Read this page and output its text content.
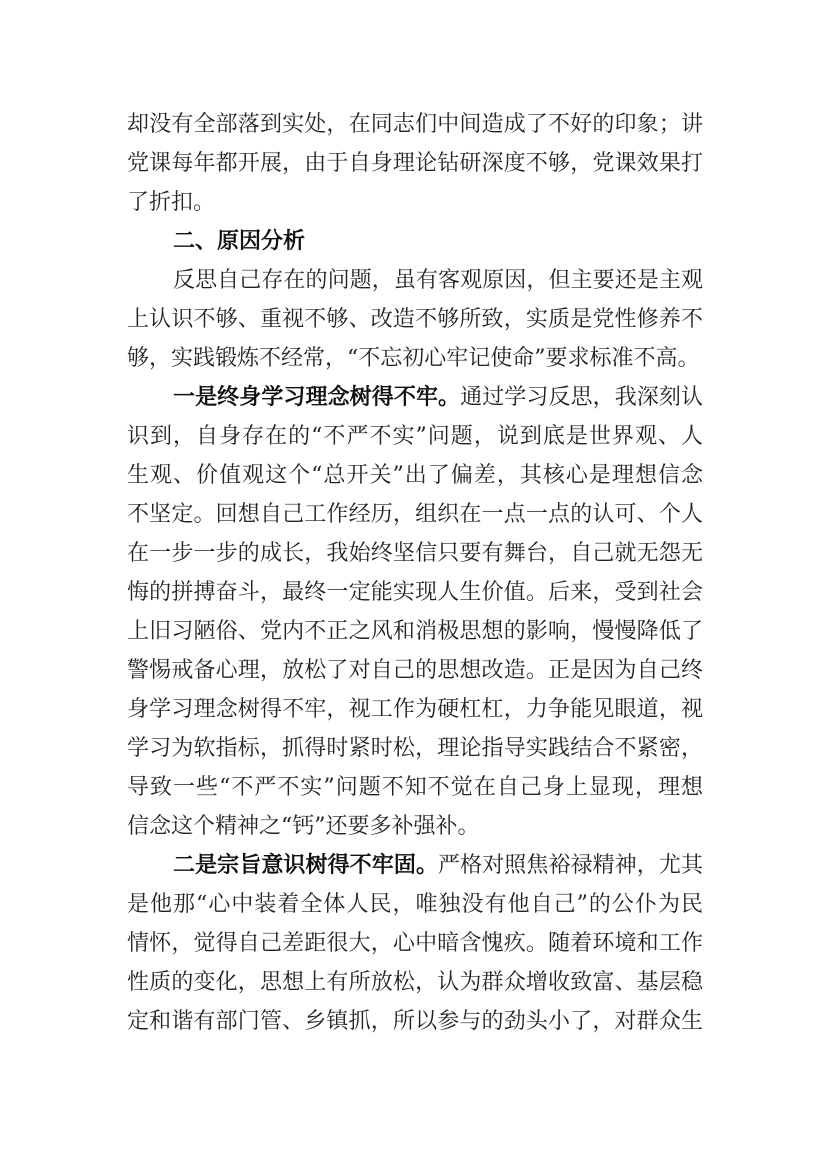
却没有全部落到实处，在同志们中间造成了不好的印象；讲
党课每年都开展，由于自身理论钻研深度不够，党课效果打
了折扣。
二、原因分析
反思自己存在的问题，虽有客观原因，但主要还是主观
上认识不够、重视不够、改造不够所致，实质是党性修养不
够，实践锻炼不经常，“不忘初心牢记使命”要求标准不高。
一是终身学习理念树得不牢。通过学习反思，我深刻认
识到，自身存在的“不严不实”问题，说到底是世界观、人
生观、价值观这个“总开关”出了偏差，其核心是理想信念
不坚定。回想自己工作经历，组织在一点一点的认可、个人
在一步一步的成长，我始终坚信只要有舞台，自己就无怨无
悔的拼搏奋斗，最终一定能实现人生价值。后来，受到社会
上旧习陋俗、党内不正之风和消极思想的影响，慢慢降低了
警惕戒备心理，放松了对自己的思想改造。正是因为自己终
身学习理念树得不牢，视工作为硬杠杠，力争能见眼道，视
学习为软指标，抓得时紧时松，理论指导实践结合不紧密，
导致一些“不严不实”问题不知不觉在自己身上显现，理想
信念这个精神之“钙”还要多补强补。
二是宗旨意识树得不牢固。严格对照焦裕禄精神，尤其
是他那“心中装着全体人民，唯独没有他自己”的公仆为民
情怀，觉得自己差距很大，心中暗含愧疚。随着环境和工作
性质的变化，思想上有所放松，认为群众增收致富、基层稳
定和谐有部门管、乡镇抓，所以参与的劲头小了，对群众生
